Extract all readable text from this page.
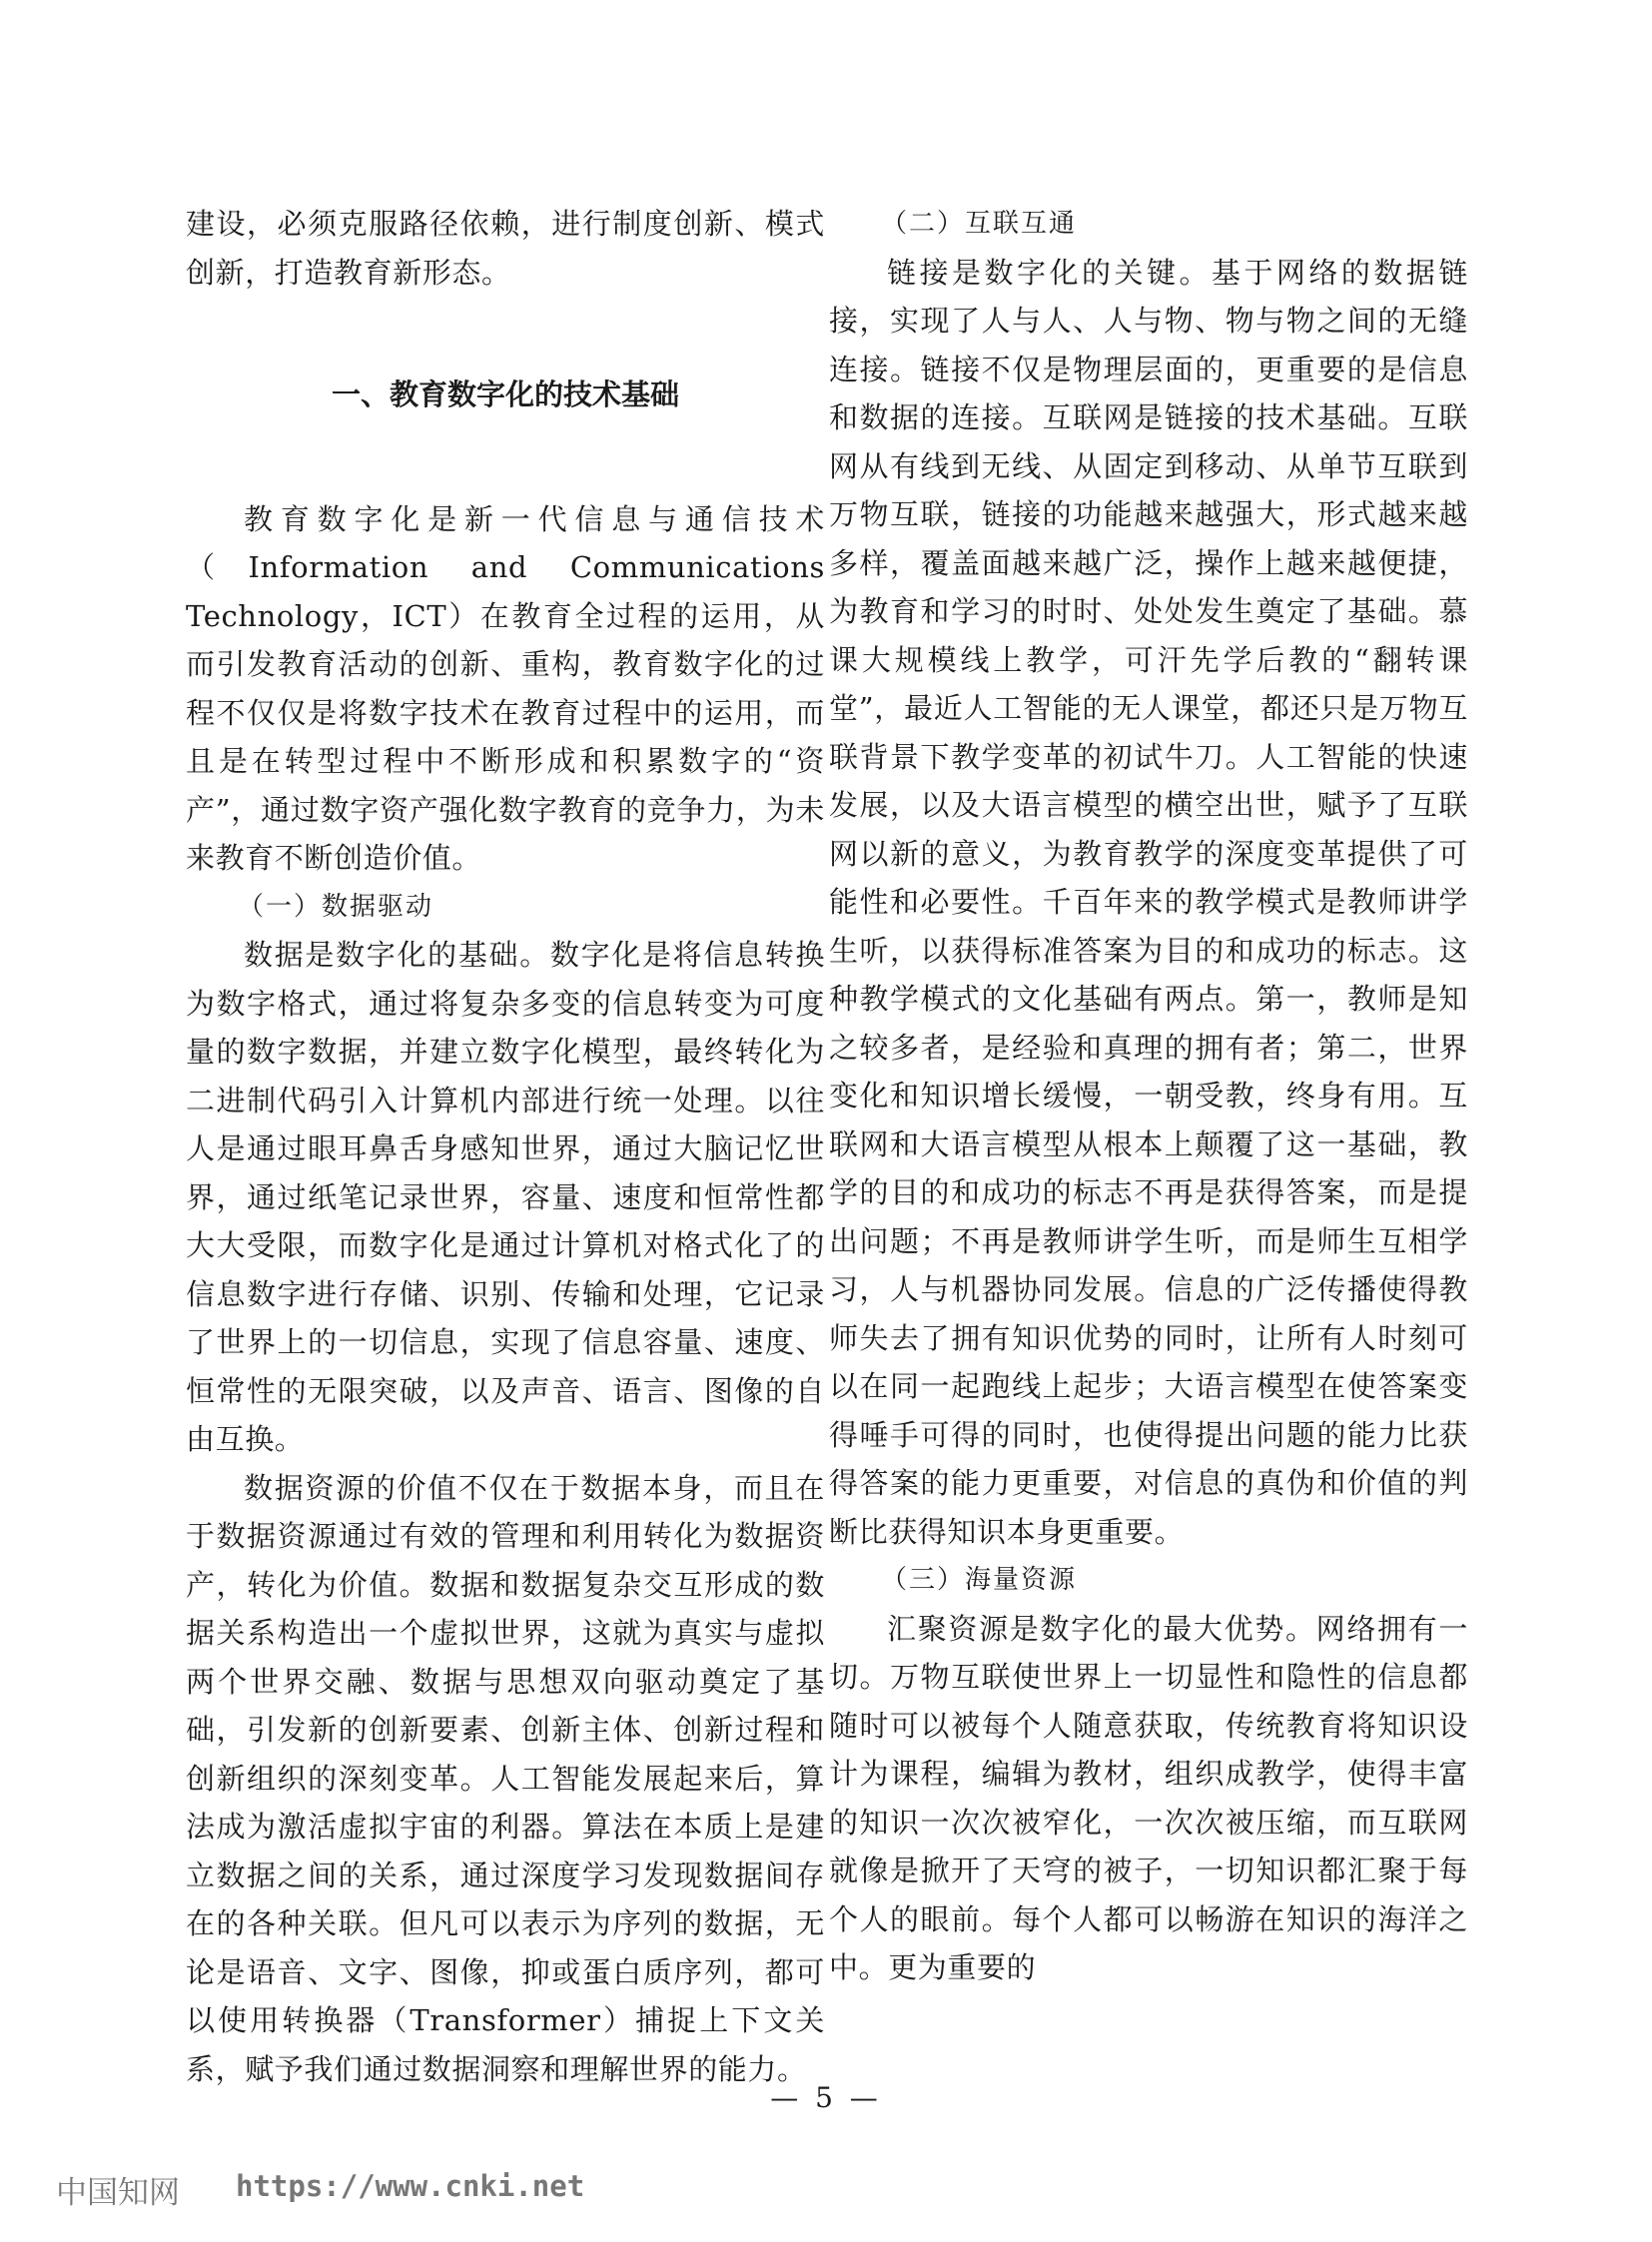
建设，必须克服路径依赖，进行制度创新、模式创新，打造教育新形态。

一、教育数字化的技术基础

教育数字化是新一代信息与通信技术（Information and Communications Technology，ICT）在教育全过程的运用，从而引发教育活动的创新、重构，教育数字化的过程不仅仅是将数字技术在教育过程中的运用，而且是在转型过程中不断形成和积累数字的“资产”，通过数字资产强化数字教育的竞争力，为未来教育不断创造价值。

（一）数据驱动

数据是数字化的基础。数字化是将信息转换为数字格式，通过将复杂多变的信息转变为可度量的数字数据，并建立数字化模型，最终转化为二进制代码引入计算机内部进行统一处理。以往人是通过眼耳鼻舌身感知世界，通过大脑记忆世界，通过纸笔记录世界，容量、速度和恒常性都大大受限，而数字化是通过计算机对格式化了的信息数字进行存储、识别、传输和处理，它记录了世界上的一切信息，实现了信息容量、速度、恒常性的无限突破，以及声音、语言、图像的自由互换。

数据资源的价值不仅在于数据本身，而且在于数据资源通过有效的管理和利用转化为数据资产，转化为价值。数据和数据复杂交互形成的数据关系构造出一个虚拟世界，这就为真实与虚拟两个世界交融、数据与思想双向驱动奠定了基础，引发新的创新要素、创新主体、创新过程和创新组织的深刻变革。人工智能发展起来后，算法成为激活虚拟宇宙的利器。算法在本质上是建立数据之间的关系，通过深度学习发现数据间存在的各种关联。但凡可以表示为序列的数据，无论是语音、文字、图像，抑或蛋白质序列，都可以使用转换器（Transformer）捕捉上下文关系，赋予我们通过数据洞察和理解世界的能力。

（二）互联互通

链接是数字化的关键。基于网络的数据链接，实现了人与人、人与物、物与物之间的无缝连接。链接不仅是物理层面的，更重要的是信息和数据的连接。互联网是链接的技术基础。互联网从有线到无线、从固定到移动、从单节互联到万物互联，链接的功能越来越强大，形式越来越多样，覆盖面越来越广泛，操作上越来越便捷，为教育和学习的时时、处处发生奠定了基础。慕课大规模线上教学，可汗先学后教的“翻转课堂”，最近人工智能的无人课堂，都还只是万物互联背景下教学变革的初试牛刀。人工智能的快速发展，以及大语言模型的横空出世，赋予了互联网以新的意义，为教育教学的深度变革提供了可能性和必要性。千百年来的教学模式是教师讲学生听，以获得标准答案为目的和成功的标志。这种教学模式的文化基础有两点。第一，教师是知之较多者，是经验和真理的拥有者；第二，世界变化和知识增长缓慢，一朝受教，终身有用。互联网和大语言模型从根本上颠覆了这一基础，教学的目的和成功的标志不再是获得答案，而是提出问题；不再是教师讲学生听，而是师生互相学习，人与机器协同发展。信息的广泛传播使得教师失去了拥有知识优势的同时，让所有人时刻可以在同一起跑线上起步；大语言模型在使答案变得唾手可得的同时，也使得提出问题的能力比获得答案的能力更重要，对信息的真伪和价值的判断比获得知识本身更重要。

（三）海量资源

汇聚资源是数字化的最大优势。网络拥有一切。万物互联使世界上一切显性和隐性的信息都随时可以被每个人随意获取，传统教育将知识设计为课程，编辑为教材，组织成教学，使得丰富的知识一次次被窄化，一次次被压缩，而互联网就像是掀开了天穹的被子，一切知识都汇聚于每个人的眼前。每个人都可以畅游在知识的海洋之中。更为重要的

— 5 —
中国知网 https://www.cnki.net
